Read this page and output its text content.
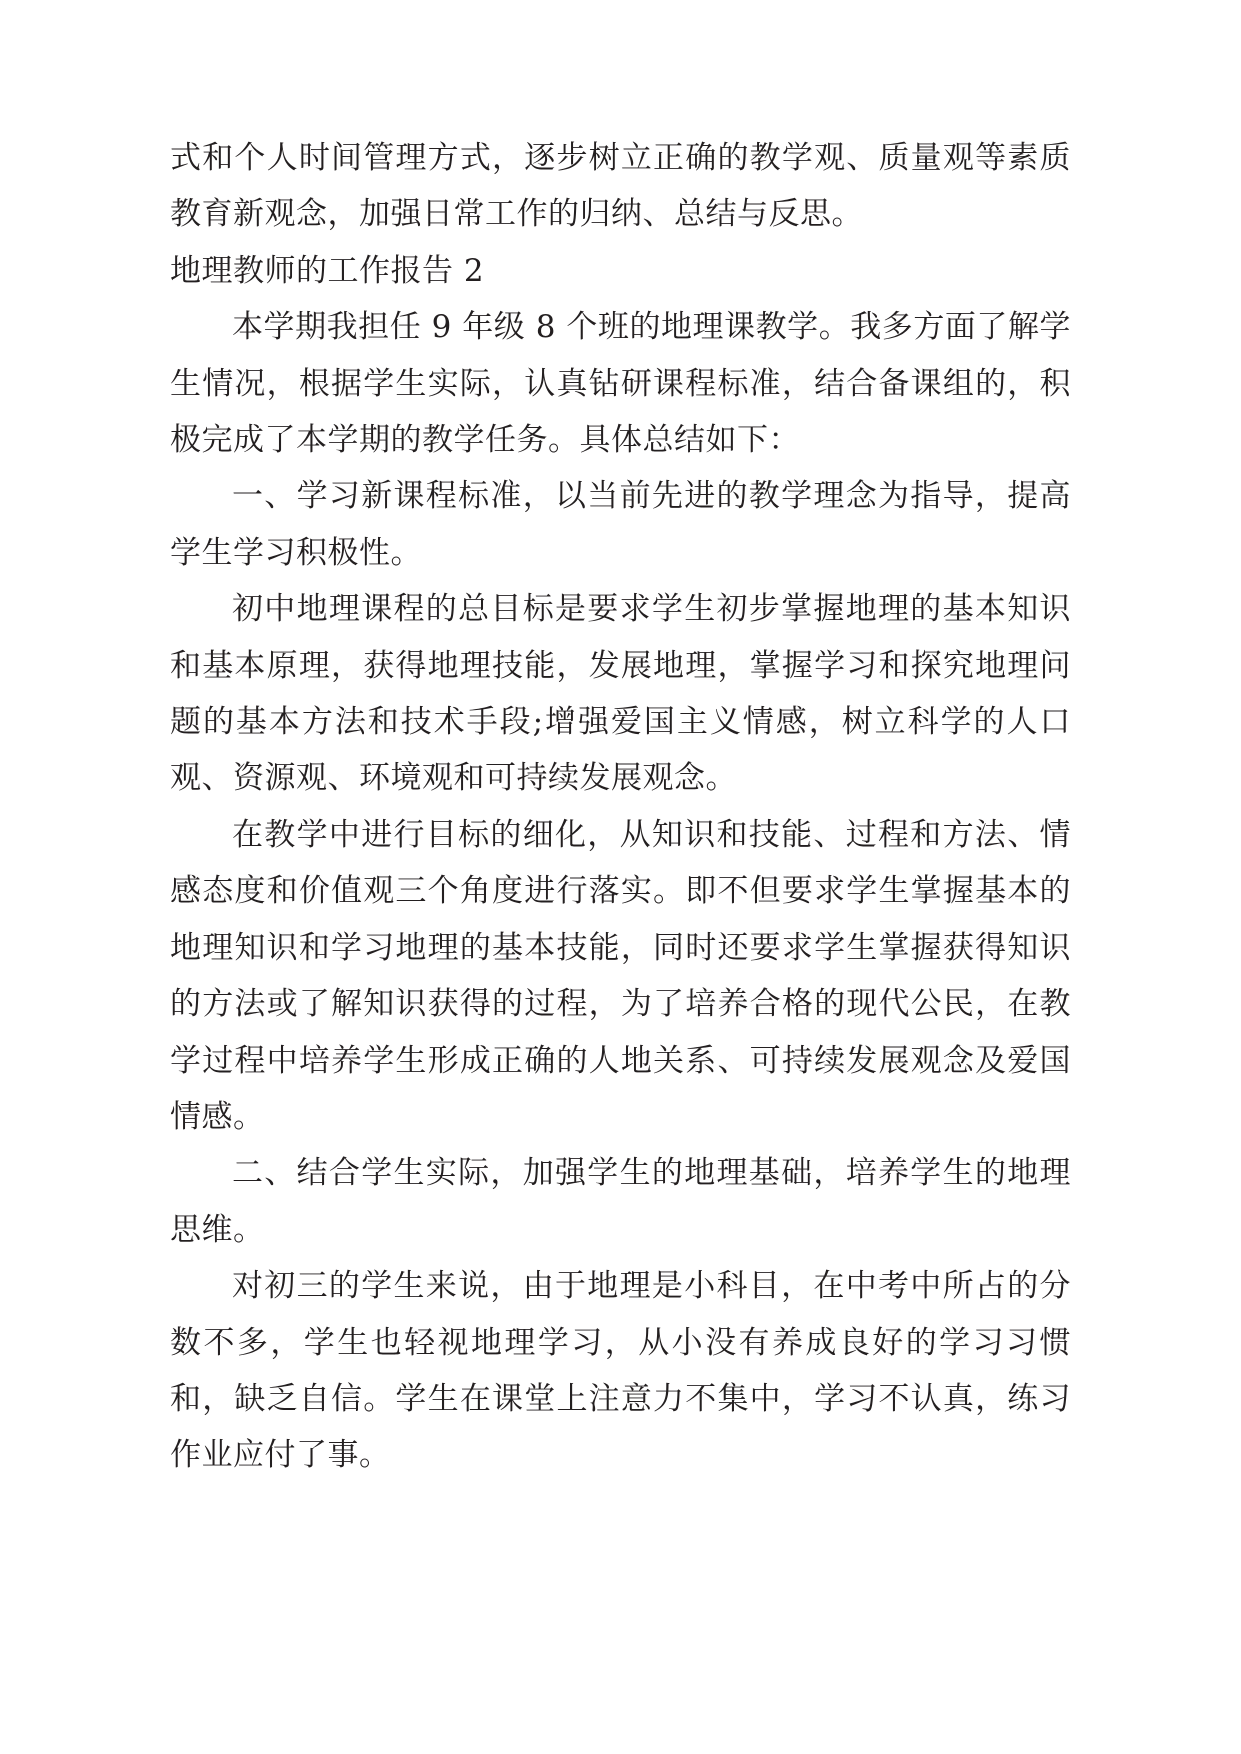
式和个人时间管理方式，逐步树立正确的教学观、质量观等素质教育新观念，加强日常工作的归纳、总结与反思。

地理教师的工作报告 2

本学期我担任 9 年级 8 个班的地理课教学。我多方面了解学生情况，根据学生实际，认真钻研课程标准，结合备课组的，积极完成了本学期的教学任务。具体总结如下：

一、学习新课程标准，以当前先进的教学理念为指导，提高学生学习积极性。

初中地理课程的总目标是要求学生初步掌握地理的基本知识和基本原理，获得地理技能，发展地理，掌握学习和探究地理问题的基本方法和技术手段;增强爱国主义情感，树立科学的人口观、资源观、环境观和可持续发展观念。

在教学中进行目标的细化，从知识和技能、过程和方法、情感态度和价值观三个角度进行落实。即不但要求学生掌握基本的地理知识和学习地理的基本技能，同时还要求学生掌握获得知识的方法或了解知识获得的过程，为了培养合格的现代公民，在教学过程中培养学生形成正确的人地关系、可持续发展观念及爱国情感。

二、结合学生实际，加强学生的地理基础，培养学生的地理思维。

对初三的学生来说，由于地理是小科目，在中考中所占的分数不多，学生也轻视地理学习，从小没有养成良好的学习习惯和，缺乏自信。学生在课堂上注意力不集中，学习不认真，练习作业应付了事。
